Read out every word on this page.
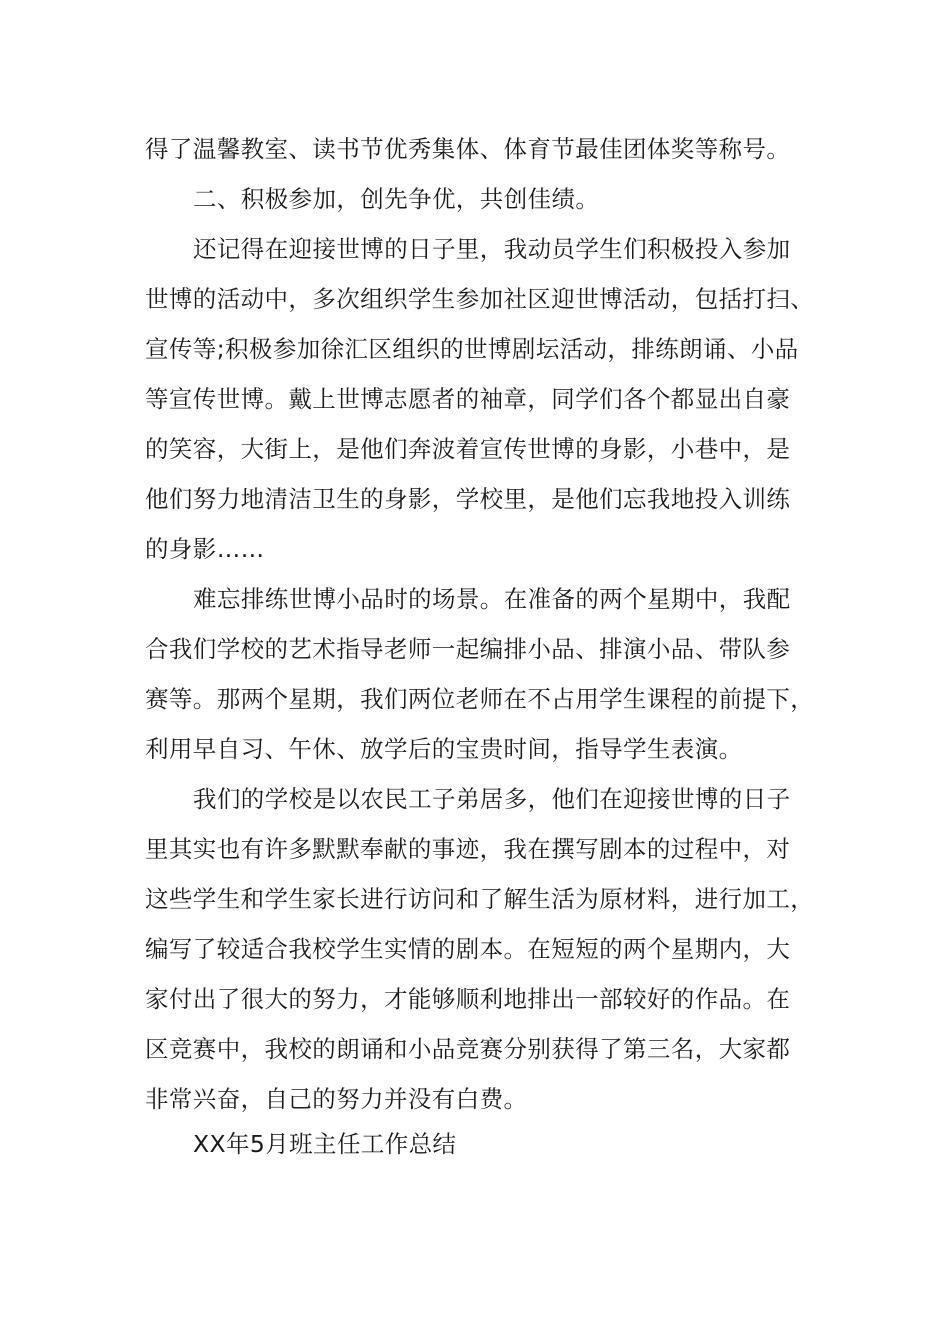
得了温馨教室、读书节优秀集体、体育节最佳团体奖等称号。
二、积极参加，创先争优，共创佳绩。
还记得在迎接世博的日子里，我动员学生们积极投入参加
世博的活动中，多次组织学生参加社区迎世博活动，包括打扫、
宣传等;积极参加徐汇区组织的世博剧坛活动，排练朗诵、小品
等宣传世博。戴上世博志愿者的袖章，同学们各个都显出自豪
的笑容，大街上，是他们奔波着宣传世博的身影，小巷中，是
他们努力地清洁卫生的身影，学校里，是他们忘我地投入训练
的身影……
难忘排练世博小品时的场景。在准备的两个星期中，我配
合我们学校的艺术指导老师一起编排小品、排演小品、带队参
赛等。那两个星期，我们两位老师在不占用学生课程的前提下，
利用早自习、午休、放学后的宝贵时间，指导学生表演。
我们的学校是以农民工子弟居多，他们在迎接世博的日子
里其实也有许多默默奉献的事迹，我在撰写剧本的过程中，对
这些学生和学生家长进行访问和了解生活为原材料，进行加工，
编写了较适合我校学生实情的剧本。在短短的两个星期内，大
家付出了很大的努力，才能够顺利地排出一部较好的作品。在
区竞赛中，我校的朗诵和小品竞赛分别获得了第三名，大家都
非常兴奋，自己的努力并没有白费。
XX年5月班主任工作总结
